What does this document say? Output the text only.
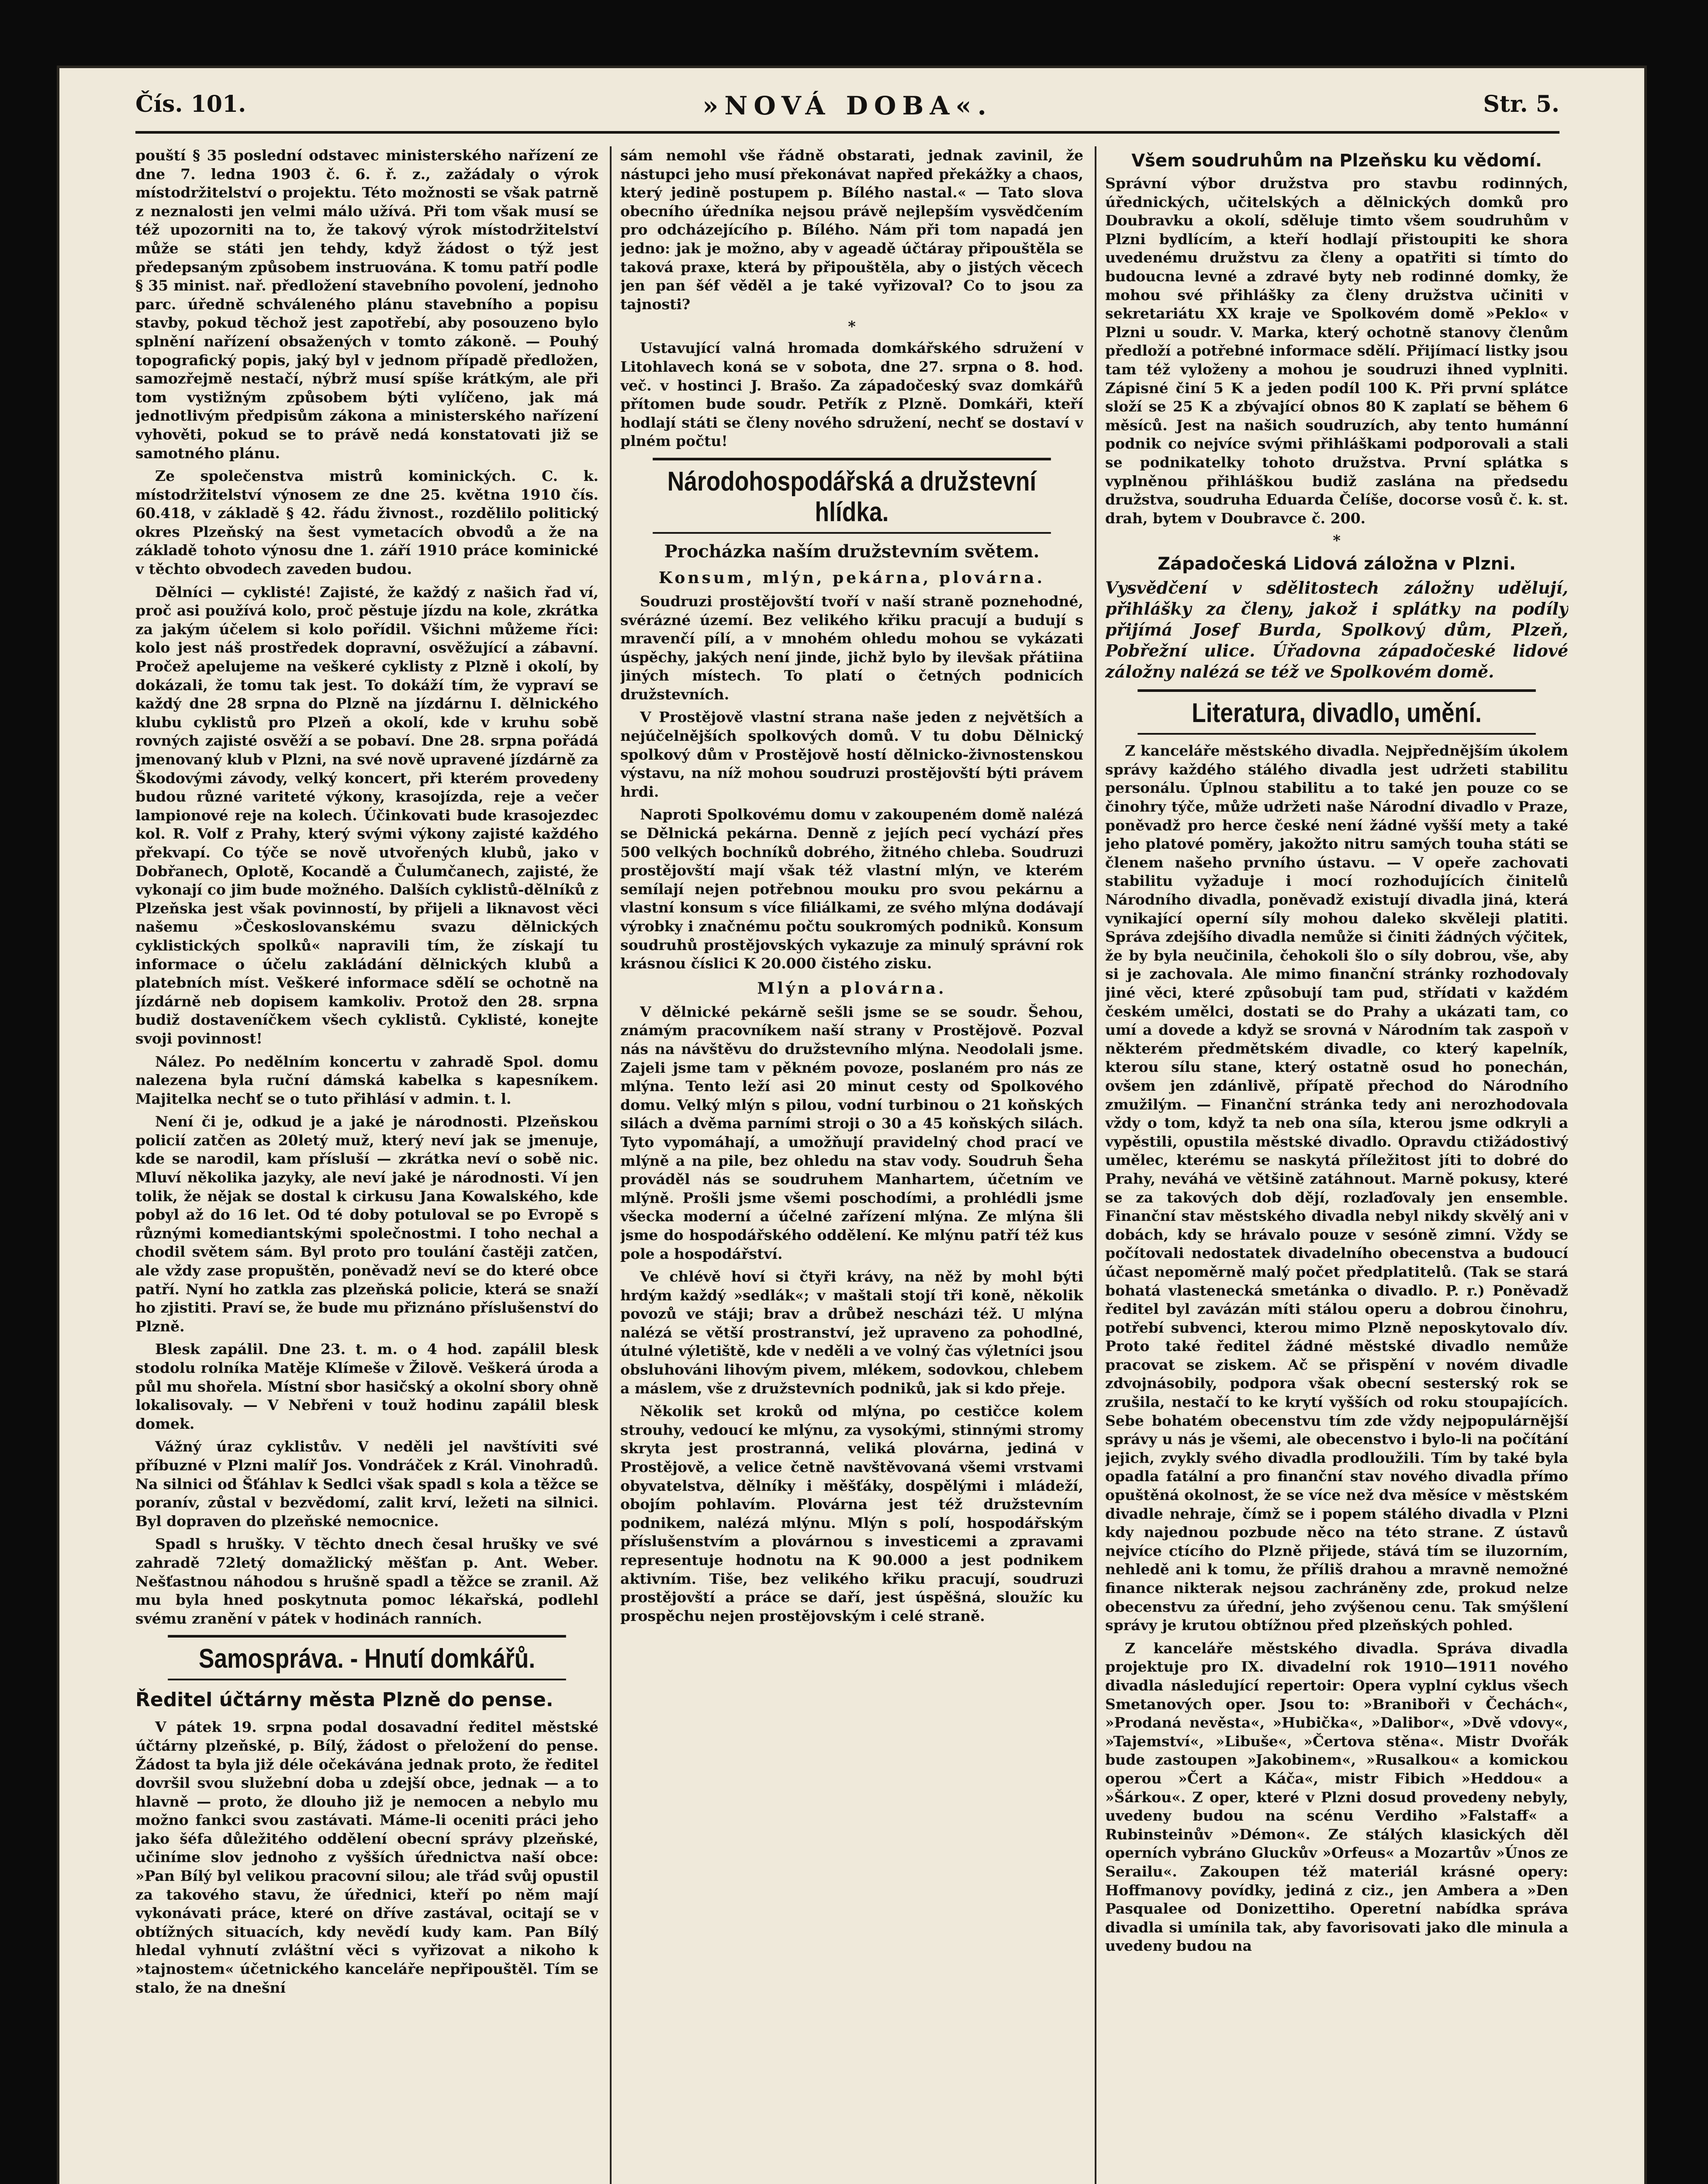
Čís. 101.	»NOVÁ DOBA«.	Str. 5.

pouští § 35 poslední odstavec ministerského nařízení ze dne 7. ledna 1903 č. 6. ř. z., zažádaly o výrok místodržitelství o projektu. Této možnosti se však patrně z neznalosti jen velmi málo užívá. Při tom však musí se též upozorniti na to, že takový výrok místodržitelství může se státi jen tehdy, když žádost o týž jest předepsaným způsobem instruována. K tomu patří podle § 35 minist. nař. předložení stavebního povolení, jednoho parc. úředně schváleného plánu stavebního a popisu stavby, pokud těchož jest zapotřebí, aby posouzeno bylo splnění nařízení obsažených v tomto zákoně. — Pouhý topografický popis, jaký byl v jednom případě předložen, samozřejmě nestačí, nýbrž musí spíše krátkým, ale při tom vystižným způsobem býti vylíčeno, jak má jednotlivým předpisům zákona a ministerského nařízení vyhověti, pokud se to právě nedá konstatovati již se samotného plánu.

Ze společenstva mistrů kominických. C. k. místodržitelství výnosem ze dne 25. května 1910 čís. 60.418, v základě § 42. řádu živnost., rozdělilo politický okres Plzeňský na šest vymetacích obvodů a že na základě tohoto výnosu dne 1. září 1910 práce kominické v těchto obvodech zaveden budou.

Dělníci — cyklisté! Zajisté, že každý z našich řad ví, proč asi používá kolo, proč pěstuje jízdu na kole, zkrátka za jakým účelem si kolo pořídil. Všichni můžeme říci: kolo jest náš prostředek dopravní, osvěžující a zábavní. Pročež apelujeme na veškeré cyklisty z Plzně i okolí, by dokázali, že tomu tak jest. To dokáží tím, že vypraví se každý dne 28 srpna do Plzně na jízdárnu I. dělnického klubu cyklistů pro Plzeň a okolí, kde v kruhu sobě rovných zajisté osvěží a se pobaví. Dne 28. srpna pořádá jmenovaný klub v Plzni, na své nově upravené jízdárně za Škodovými závody, velký koncert, při kterém provedeny budou různé variteté výkony, krasojízda, reje a večer lampionové reje na kolech. Účinkovati bude krasojezdec kol. R. Volf z Prahy, který svými výkony zajisté každého překvapí. Co týče se nově utvořených klubů, jako v Dobřanech, Oplotě, Kocandě a Čulumčanech, zajisté, že vykonají co jim bude možného. Dalších cyklistů-dělníků z Plzeňska jest však povinností, by přijeli a liknavost věci našemu »Českoslovanskému svazu dělnických cyklistických spolků« napravili tím, že získají tu informace o účelu zakládání dělnických klubů a platebních míst. Veškeré informace sdělí se ochotně na jízdárně neb dopisem kamkoliv. Protož den 28. srpna budiž dostaveníčkem všech cyklistů. Cyklisté, konejte svoji povinnost!

Nález. Po nedělním koncertu v zahradě Spol. domu nalezena byla ruční dámská kabelka s kapesníkem. Majitelka nechť se o tuto přihlásí v admin. t. l.

Není či je, odkud je a jaké je národnosti. Plzeňskou policií zatčen as 20letý muž, který neví jak se jmenuje, kde se narodil, kam přísluší — zkrátka neví o sobě nic. Mluví několika jazyky, ale neví jaké je národnosti. Ví jen tolik, že nějak se dostal k cirkusu Jana Kowalského, kde pobyl až do 16 let. Od té doby potuloval se po Evropě s různými komediantskými společnostmi. I toho nechal a chodil světem sám. Byl proto pro toulání častěji zatčen, ale vždy zase propuštěn, poněvadž neví se do které obce patří. Nyní ho zatkla zas plzeňská policie, která se snaží ho zjistiti. Praví se, že bude mu přiznáno příslušenství do Plzně.

Blesk zapálil. Dne 23. t. m. o 4 hod. zapálil blesk stodolu rolníka Matěje Klímeše v Žilově. Veškerá úroda a půl mu shořela. Místní sbor hasičský a okolní sbory ohně lokalisovaly. — V Nebřeni v touž hodinu zapálil blesk domek.

Vážný úraz cyklistův. V neděli jel navštíviti své příbuzné v Plzni malíř Jos. Vondráček z Král. Vinohradů. Na silnici od Šťáhlav k Sedlci však spadl s kola a těžce se poranív, zůstal v bezvědomí, zalit krví, ležeti na silnici. Byl dopraven do plzeňské nemocnice.

Spadl s hrušky. V těchto dnech česal hrušky ve své zahradě 72letý domažlický měšťan p. Ant. Weber. Nešťastnou náhodou s hrušně spadl a těžce se zranil. Až mu byla hned poskytnuta pomoc lékařská, podlehl svému zranění v pátek v hodinách ranních.

Samospráva. - Hnutí domkářů.
Ředitel účtárny města Plzně do pense.

V pátek 19. srpna podal dosavadní ředitel městské účtárny plzeňské, p. Bílý, žádost o přeložení do pense. Žádost ta byla již déle očekávána jednak proto, že ředitel dovršil svou služební doba u zdejší obce, jednak — a to hlavně — proto, že dlouho již je nemocen a nebylo mu možno fankci svou zastávati. Máme-li oceniti práci jeho jako šéfa důležitého oddělení obecní správy plzeňské, učiníme slov jednoho z vyšších úřednictva naší obce: »Pan Bílý byl velikou pracovní silou; ale třád svůj opustil za takového stavu, že úřednici, kteří po něm mají vykonávati práce, které on dříve zastával, ocitají se v obtížných situacích, kdy nevědí kudy kam. Pan Bílý hledal vyhnutí zvláštní věci s vyřizovat a nikoho k »tajnostem« účetnického kanceláře nepřipouštěl. Tím se stalo, že na dnešní

sám nemohl vše řádně obstarati, jednak zavinil, že nástupci jeho musí překonávat napřed překážky a chaos, který jedině postupem p. Bílého nastal.« — Tato slova obecního úředníka nejsou právě nejlepším vysvědčením pro odcházejícího p. Bílého. Nám při tom napadá jen jedno: jak je možno, aby v ageadě účtáray připouštěla se taková praxe, která by připouštěla, aby o jistých věcech jen pan šéf věděl a je také vyřizoval? Co to jsou za tajnosti?

*

Ustavující valná hromada domkářského sdružení v Litohlavech koná se v sobota, dne 27. srpna o 8. hod. več. v hostinci J. Brašo. Za západočeský svaz domkářů přítomen bude soudr. Petřík z Plzně. Domkáři, kteří hodlají státi se členy nového sdružení, nechť se dostaví v plném počtu!

Národohospodářská a družstevní hlídka.
Procházka naším družstevním světem.
Konsum, mlýn, pekárna, plovárna.

Soudruzi prostějovští tvoří v naší straně poznehodné, svérázné území. Bez velikého křiku pracují a budují s mravenčí pílí, a v mnohém ohledu mohou se vykázati úspěchy, jakých není jinde, jichž bylo by ilevšak přátiina jiných místech. To platí o četných podnicích družstevních.

V Prostějově vlastní strana naše jeden z největších a nejúčelnějších spolkových domů. V tu dobu Dělnický spolkový dům v Prostějově hostí dělnicko-živnostenskou výstavu, na níž mohou soudruzi prostějovští býti právem hrdi.

Naproti Spolkovému domu v zakoupeném domě nalézá se Dělnická pekárna. Denně z jejích pecí vychází přes 500 velkých bochníků dobrého, žitného chleba. Soudruzi prostějovští mají však též vlastní mlýn, ve kterém semílají nejen potřebnou mouku pro svou pekárnu a vlastní konsum s více filiálkami, ze svého mlýna dodávají výrobky i značnému počtu soukromých podniků. Konsum soudruhů prostějovských vykazuje za minulý správní rok krásnou číslici K 20.000 čistého zisku.

Mlýn a plovárna.

V dělnické pekárně sešli jsme se se soudr. Šehou, známým pracovníkem naší strany v Prostějově. Pozval nás na návštěvu do družstevního mlýna. Neodolali jsme. Zajeli jsme tam v pěkném povoze, poslaném pro nás ze mlýna. Tento leží asi 20 minut cesty od Spolkového domu. Velký mlýn s pilou, vodní turbinou o 21 koňských silách a dvěma parními stroji o 30 a 45 koňských silách. Tyto vypomáhají, a umožňují pravidelný chod prací ve mlýně a na pile, bez ohledu na stav vody. Soudruh Šeha prováděl nás se soudruhem Manhartem, účetním ve mlýně. Prošli jsme všemi poschodími, a prohlédli jsme všecka moderní a účelné zařízení mlýna. Ze mlýna šli jsme do hospodářského oddělení. Ke mlýnu patří též kus pole a hospodářství.

Ve chlévě hoví si čtyři krávy, na něž by mohl býti hrdým každý »sedlák«; v maštali stojí tři koně, několik povozů ve stáji; brav a drůbež nescházi též. U mlýna nalézá se větší prostranství, jež upraveno za pohodlné, útulné výletiště, kde v neděli a ve volný čas výletníci jsou obsluhováni lihovým pivem, mlékem, sodovkou, chlebem a máslem, vše z družstevních podniků, jak si kdo přeje.

Několik set kroků od mlýna, po cestičce kolem strouhy, vedoucí ke mlýnu, za vysokými, stinnými stromy skryta jest prostranná, veliká plovárna, jediná v Prostějově, a velice četně navštěvovaná všemi vrstvami obyvatelstva, dělníky i měšťáky, dospělými i mládeží, obojím pohlavím. Plovárna jest též družstevním podnikem, nalézá mlýnu. Mlýn s polí, hospodářským příslušenstvím a plovárnou s investicemi a zpravami representuje hodnotu na K 90.000 a jest podnikem aktivním. Tiše, bez velikého křiku pracují, soudruzi prostějovští a práce se daří, jest úspěšná, sloužíc ku prospěchu nejen prostějovským i celé straně.

Všem soudruhům na Plzeňsku ku vědomí.

Správní výbor družstva pro stavbu rodinných, úřednických, učitelských a dělnických domků pro Doubravku a okolí, sděluje timto všem soudruhům v Plzni bydlícím, a kteří hodlají přistoupiti ke shora uvedenému družstvu za členy a opatřiti si tímto do budoucna levné a zdravé byty neb rodinné domky, že mohou své přihlášky za členy družstva učiniti v sekretariátu XX kraje ve Spolkovém domě »Peklo« v Plzni u soudr. V. Marka, který ochotně stanovy členům předloží a potřebné informace sdělí. Přijímací listky jsou tam též vyloženy a mohou je soudruzi ihned vyplniti. Zápisné činí 5 K a jeden podíl 100 K. Při první splátce složí se 25 K a zbývající obnos 80 K zaplatí se během 6 měsíců. Jest na našich soudruzích, aby tento humánní podnik co nejvíce svými přihláškami podporovali a stali se podnikatelky tohoto družstva. První splátka s vyplněnou přihláškou budiž zaslána na předsedu družstva, soudruha Eduarda Čelíše, docorse vosů č. k. st. drah, bytem v Doubravce č. 200.

*
Západočeská Lidová záložna v Plzni.

Vysvědčení v sdělitostech záložny udělují, přihlášky za členy, jakož i splátky na podíly přijímá Josef Burda, Spolkový dům, Plzeň, Pobřežní ulice. Úřadovna západočeské lidové záložny nalézá se též ve Spolkovém domě.

Literatura, divadlo, umění.

Z kanceláře městského divadla. Nejpřednějším úkolem správy každého stálého divadla jest udržeti stabilitu personálu. Úplnou stabilitu a to také jen pouze co se činohry týče, může udržeti naše Národní divadlo v Praze, poněvadž pro herce české není žádné vyšší mety a také jeho platové poměry, jakožto nitru samých touha státi se členem našeho prvního ústavu. — V opeře zachovati stabilitu vyžaduje i mocí rozhodujících činitelů Národního divadla, poněvadž existují divadla jiná, která vynikající operní síly mohou daleko skvěleji platiti. Správa zdejšího divadla nemůže si činiti žádných výčitek, že by byla neučinila, čehokoli šlo o síly dobrou, vše, aby si je zachovala. Ale mimo finanční stránky rozhodovaly jiné věci, které způsobují tam pud, střídati v každém českém umělci, dostati se do Prahy a ukázati tam, co umí a dovede a když se srovná v Národním tak zaspoň v některém předmětském divadle, co který kapelník, kterou sílu stane, který ostatně osud ho ponechán, ovšem jen zdánlivě, přípatě přechod do Národního zmužilým. — Finanční stránka tedy ani nerozhodovala vždy o tom, když ta neb ona síla, kterou jsme odkryli a vypěstili, opustila městské divadlo. Opravdu ctižádostivý umělec, kterému se naskytá příležitost jíti to dobré do Prahy, neváhá ve většině zatáhnout. Marně pokusy, které se za takových dob dějí, rozlaďovaly jen ensemble. Finanční stav městského divadla nebyl nikdy skvělý ani v dobách, kdy se hrávalo pouze v sesóně zimní. Vždy se počítovali nedostatek divadelního obecenstva a budoucí účast nepoměrně malý počet předplatitelů. (Tak se stará bohatá vlastenecká smetánka o divadlo. P. r.) Poněvadž ředitel byl zavázán míti stálou operu a dobrou činohru, potřebí subvenci, kterou mimo Plzně neposkytovalo dív. Proto také ředitel žádné městské divadlo nemůže pracovat se ziskem. Ač se přispění v novém divadle zdvojnásobily, podpora však obecní sesterský rok se zrušila, nestačí to ke krytí vyšších od roku stoupajících. Sebe bohatém obecenstvu tím zde vždy nejpopulárnější správy u nás je všemi, ale obecenstvo i bylo-li na počítání jejich, zvykly svého divadla prodloužili. Tím by také byla opadla fatální a pro finanční stav nového divadla přímo opuštěná okolnost, že se více než dva měsíce v městském divadle nehraje, čímž se i popem stálého divadla v Plzni kdy najednou pozbude něco na této strane. Z ústavů nejvíce ctícího do Plzně přijede, stává tím se iluzorním, nehledě ani k tomu, že příliš drahou a mravně nemožné finance nikterak nejsou zachráněny zde, prokud nelze obecenstvu za úřední, jeho zvýšenou cenu. Tak smýšlení správy je krutou obtížnou před plzeňských pohled.

Z kanceláře městského divadla. Správa divadla projektuje pro IX. divadelní rok 1910—1911 nového divadla následující repertoir: Opera vyplní cyklus všech Smetanových oper. Jsou to: »Braniboři v Čechách«, »Prodaná nevěsta«, »Hubička«, »Dalibor«, »Dvě vdovy«, »Tajemství«, »Libuše«, »Čertova stěna«. Mistr Dvořák bude zastoupen »Jakobinem«, »Rusalkou« a komickou operou »Čert a Káča«, mistr Fibich »Heddou« a »Šárkou«. Z oper, které v Plzni dosud provedeny nebyly, uvedeny budou na scénu Verdiho »Falstaff« a Rubinsteinův »Démon«. Ze stálých klasických děl operních vybráno Gluckův »Orfeus« a Mozartův »Únos ze Serailu«. Zakoupen též materiál krásné opery: Hoffmanovy povídky, jediná z ciz., jen Ambera a »Den Pasqualee od Donizettiho. Operetní nabídka správa divadla si umínila tak, aby favorisovati jako dle minula a uvedeny budou na
